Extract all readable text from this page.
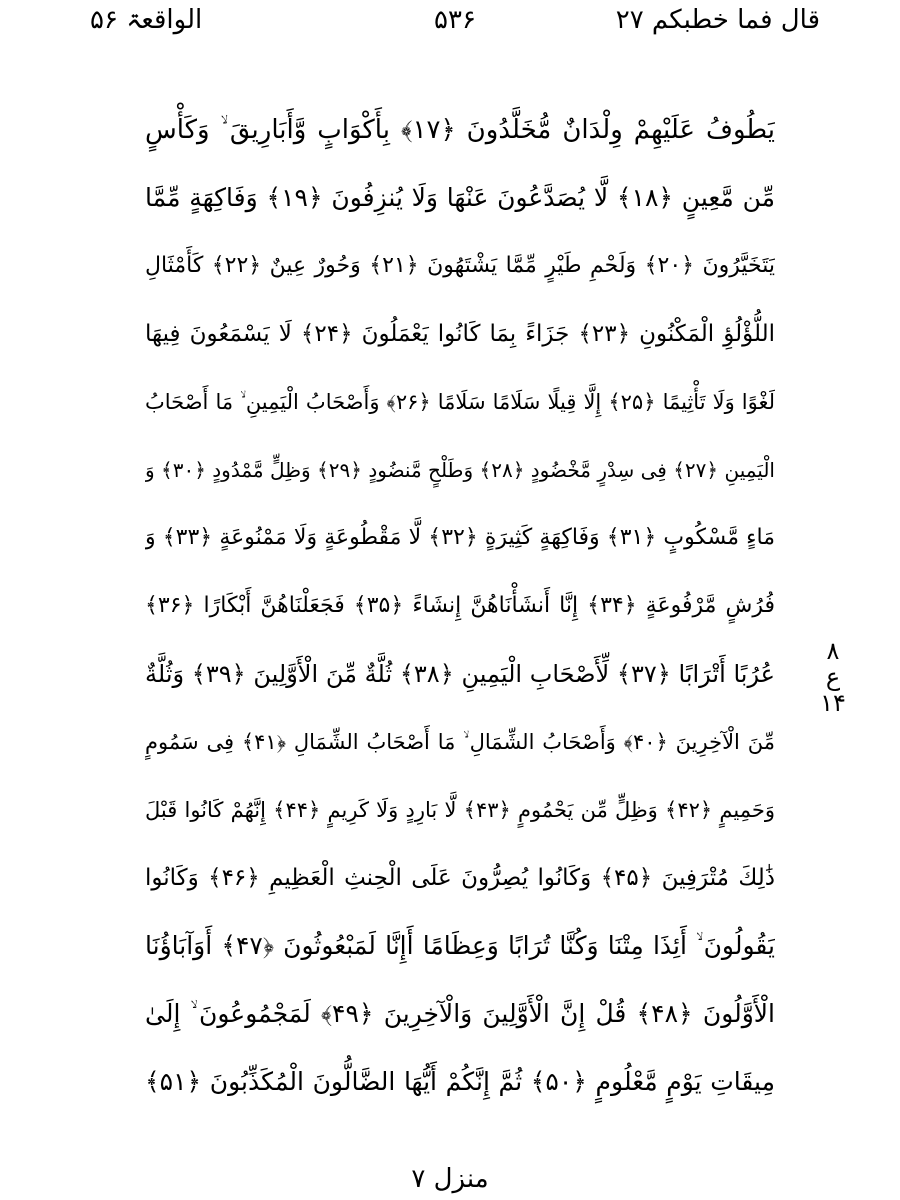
قال فما خطبکم ۲۷
۵۳۶
الواقعۃ ۵۶
یَطُوفُ عَلَیْهِمْ وِلْدَانٌ مُّخَلَّدُونَ ﴿۱۷﴾ بِأَكْوَابٍ وَّأَبَارِیقَ ۙ وَكَأْسٍ
مِّن مَّعِینٍ ﴿۱۸﴾ لَّا یُصَدَّعُونَ عَنْهَا وَلَا یُنزِفُونَ ﴿۱۹﴾ وَفَاكِهَةٍ مِّمَّا
یَتَخَیَّرُونَ ﴿۲۰﴾ وَلَحْمِ طَیْرٍ مِّمَّا یَشْتَهُونَ ﴿۲۱﴾ وَحُورٌ عِینٌ ﴿۲۲﴾ كَأَمْثَالِ
اللُّؤْلُؤِ الْمَكْنُونِ ﴿۲۳﴾ جَزَاءً بِمَا كَانُوا یَعْمَلُونَ ﴿۲۴﴾ لَا یَسْمَعُونَ فِیهَا
لَغْوًا وَلَا تَأْثِیمًا ﴿۲۵﴾ إِلَّا قِیلًا سَلَامًا سَلَامًا ﴿۲۶﴾ وَأَصْحَابُ الْیَمِینِ ۙ مَا أَصْحَابُ
الْیَمِینِ ﴿۲۷﴾ فِی سِدْرٍ مَّخْضُودٍ ﴿۲۸﴾ وَطَلْحٍ مَّنضُودٍ ﴿۲۹﴾ وَظِلٍّ مَّمْدُودٍ ﴿۳۰﴾ وَ
مَاءٍ مَّسْكُوبٍ ﴿۳۱﴾ وَفَاكِهَةٍ كَثِیرَةٍ ﴿۳۲﴾ لَّا مَقْطُوعَةٍ وَلَا مَمْنُوعَةٍ ﴿۳۳﴾ وَ
فُرُشٍ مَّرْفُوعَةٍ ﴿۳۴﴾ إِنَّا أَنشَأْنَاهُنَّ إِنشَاءً ﴿۳۵﴾ فَجَعَلْنَاهُنَّ أَبْكَارًا ﴿۳۶﴾
عُرُبًا أَتْرَابًا ﴿۳۷﴾ لِّأَصْحَابِ الْیَمِینِ ﴿۳۸﴾ ثُلَّةٌ مِّنَ الْأَوَّلِینَ ﴿۳۹﴾ وَثُلَّةٌ
مِّنَ الْآخِرِینَ ﴿۴۰﴾ وَأَصْحَابُ الشِّمَالِ ۙ مَا أَصْحَابُ الشِّمَالِ ﴿۴۱﴾ فِی سَمُومٍ
وَحَمِیمٍ ﴿۴۲﴾ وَظِلٍّ مِّن یَحْمُومٍ ﴿۴۳﴾ لَّا بَارِدٍ وَلَا كَرِیمٍ ﴿۴۴﴾ إِنَّهُمْ كَانُوا قَبْلَ
ذَٰلِكَ مُتْرَفِینَ ﴿۴۵﴾ وَكَانُوا یُصِرُّونَ عَلَى الْحِنثِ الْعَظِیمِ ﴿۴۶﴾ وَكَانُوا
یَقُولُونَ ۙ أَئِذَا مِتْنَا وَكُنَّا تُرَابًا وَعِظَامًا أَإِنَّا لَمَبْعُوثُونَ ﴿۴۷﴾ أَوَآبَاؤُنَا
الْأَوَّلُونَ ﴿۴۸﴾ قُلْ إِنَّ الْأَوَّلِینَ وَالْآخِرِینَ ﴿۴۹﴾ لَمَجْمُوعُونَ ۙ إِلَىٰ
مِیقَاتِ یَوْمٍ مَّعْلُومٍ ﴿۵۰﴾ ثُمَّ إِنَّكُمْ أَیُّهَا الضَّالُّونَ الْمُكَذِّبُونَ ﴿۵۱﴾
۸
ع
۱۴
منزل ۷
